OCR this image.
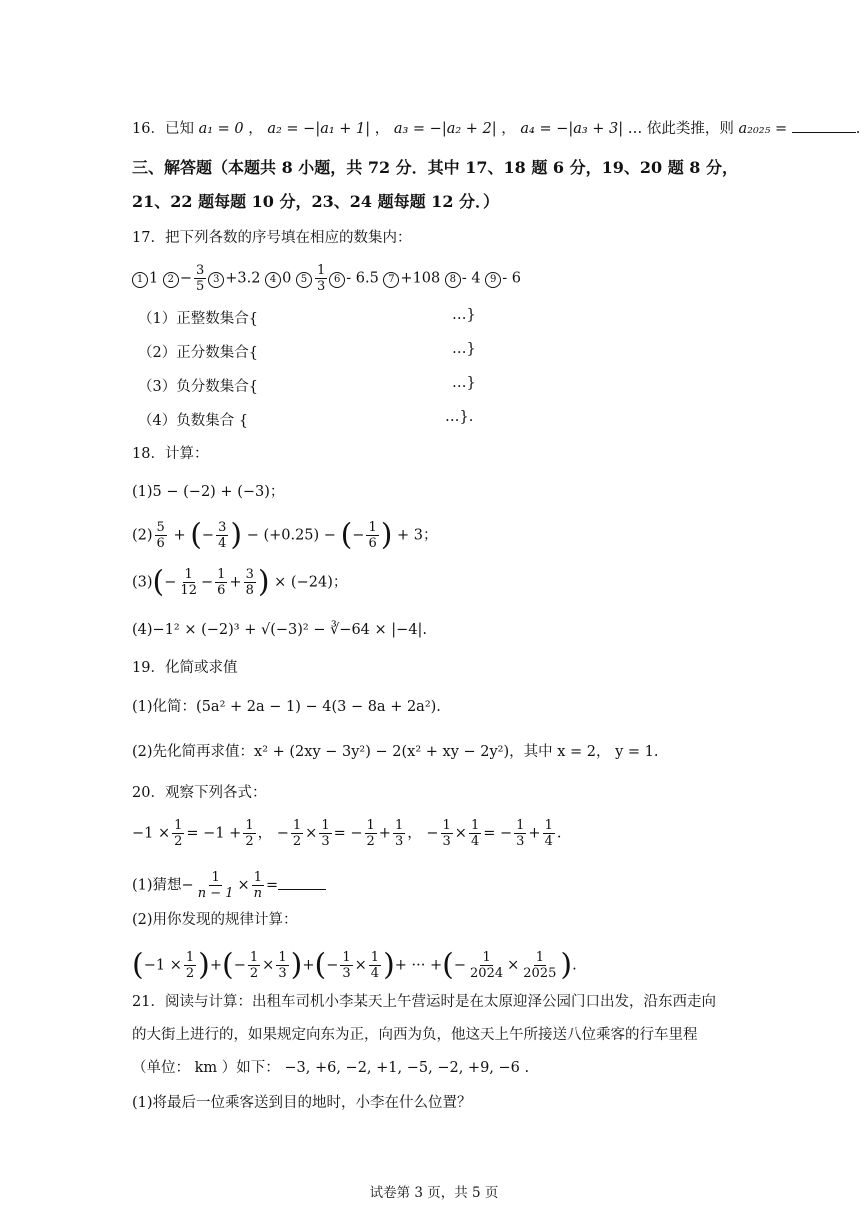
16．已知 a₁ = 0 ， a₂ = −|a₁ + 1| ， a₃ = −|a₂ + 2| ， a₄ = −|a₃ + 3| … 依此类推，则 a₂₀₂₅ =	.
三、解答题（本题共 8 小题，共 72 分．其中 17、18 题 6 分，19、20 题 8 分，
21、22 题每题 10 分，23、24 题每题 12 分．）
17．把下列各数的序号填在相应的数集内：
1 1 $2 - \frac{3}{5} 3 +3.2$ 4 0 $5 \frac{1}{3} 6 - 6.5$ 7 +108 8 - 4 9 - 6
（1）正整数集合{	…}
（2）正分数集合{	…}
（3）负分数集合{	…}
（4）负数集合 {	…}.
18．计算：
(1)5 − (−2) + (−3)；
$(2) \frac{5}{6}$ + (− $\frac{3}{4}$ ) − (+0.25) − (− $\frac{1}{6}$ ) + 3；
$(3)(- \frac{1}{12} - \frac{1}{6} + \frac{3}{8}$ ) × (−24)；
(4)−1² × (−2)³ + √(−3)² − ∛−64 × |−4|.
19．化简或求值
(1)化简：(5a² + 2a − 1) − 4(3 − 8a + 2a²).
(2)先化简再求值：x² + (2xy − 3y²) − 2(x² + xy − 2y²)，其中 x = 2， y = 1.
20．观察下列各式：
$-1 \times \frac{1}{2} = -1 + \frac{1}{2}$ ， − $\frac{1}{2} \times \frac{1}{3}$ = − $\frac{1}{2} + \frac{1}{3}$ ， − $\frac{1}{3} \times \frac{1}{4}$ = − $\frac{1}{3} + \frac{1}{4}$ .
(1)猜想− $\frac{1}{n - 1} \times \frac{1}{n}$ =
(2)用你发现的规律计算：
($-1 \times \frac{1}{2}$ )+(− $\frac{1}{2} \times \frac{1}{3}$ )+(− $\frac{1}{3} \times \frac{1}{4}$ )+ ··· +(− $\frac{1}{2024} \times \frac{1}{2025}$ ).
21．阅读与计算：出租车司机小李某天上午营运时是在太原迎泽公园门口出发，沿东西走向
的大街上进行的，如果规定向东为正，向西为负，他这天上午所接送八位乘客的行车里程
（单位： km ）如下： −3, +6, −2, +1, −5, −2, +9, −6 .
(1)将最后一位乘客送到目的地时，小李在什么位置？
试卷第 3 页，共 5 页
